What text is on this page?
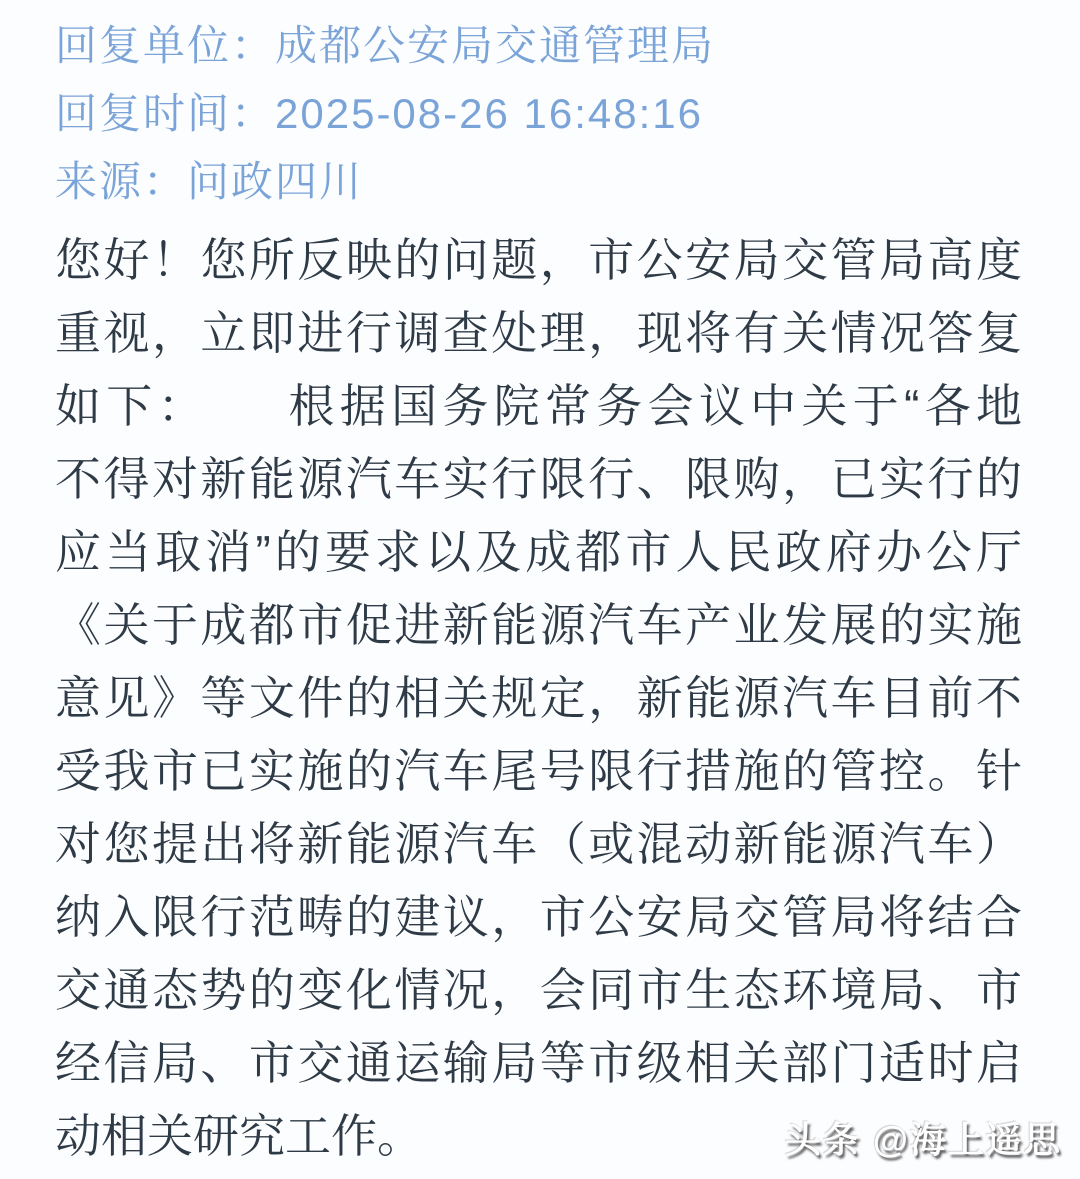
回复单位：成都公安局交通管理局
回复时间：2025-08-26 16:48:16
来源：问政四川
您好！您所反映的问题，市公安局交管局高度
重视，立即进行调查处理，现将有关情况答复
如下：　　根据国务院常务会议中关于“各地
不得对新能源汽车实行限行、限购，已实行的
应当取消”的要求以及成都市人民政府办公厅
《关于成都市促进新能源汽车产业发展的实施
意见》等文件的相关规定，新能源汽车目前不
受我市已实施的汽车尾号限行措施的管控。针
对您提出将新能源汽车（或混动新能源汽车）
纳入限行范畴的建议，市公安局交管局将结合
交通态势的变化情况，会同市生态环境局、市
经信局、市交通运输局等市级相关部门适时启
动相关研究工作。	头条 @海上遥思
